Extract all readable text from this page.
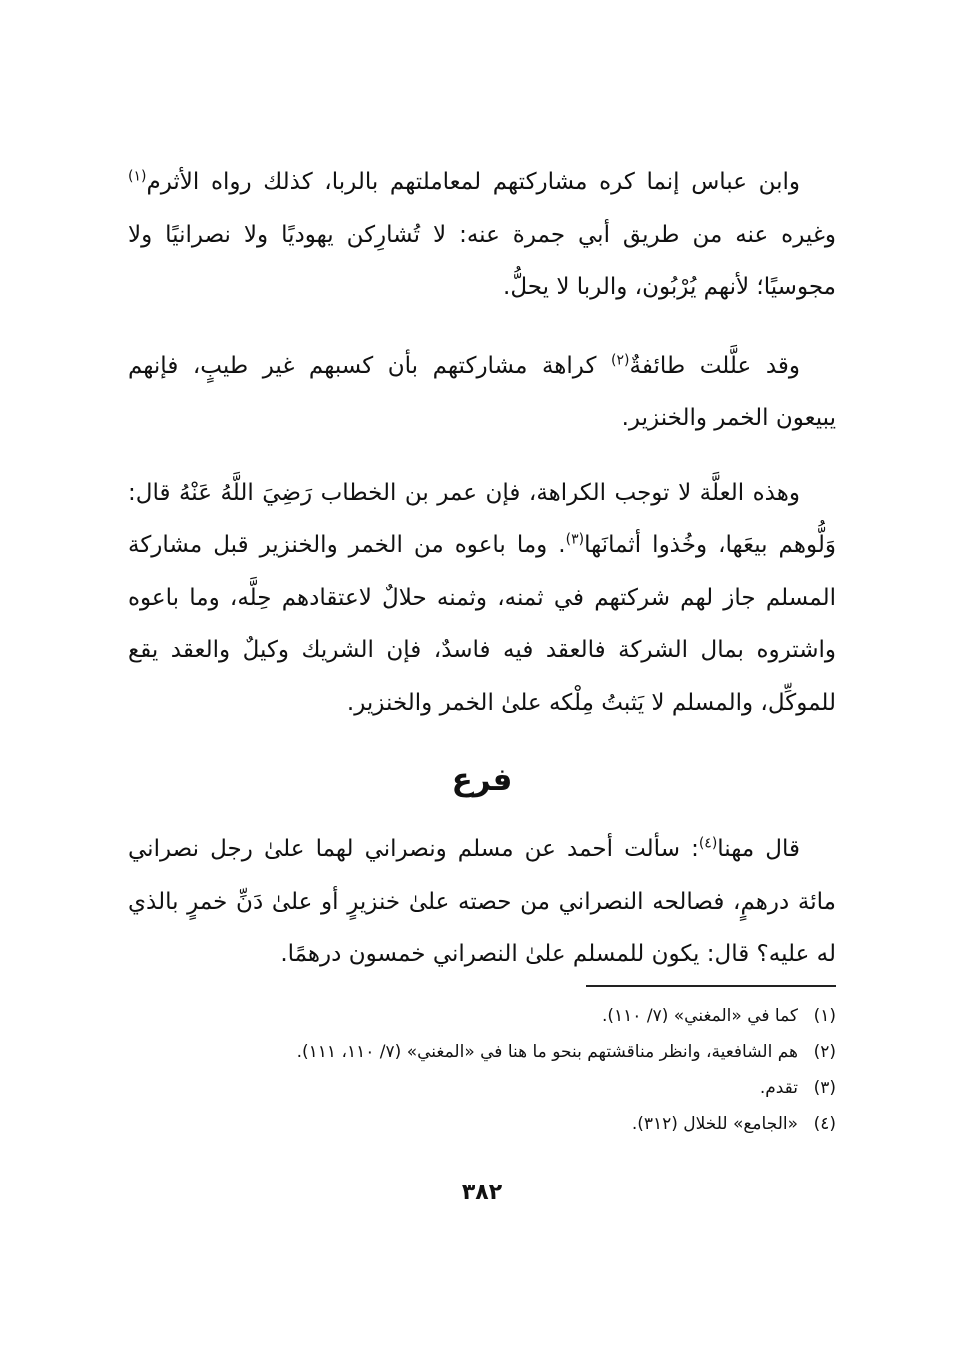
وابن عباس إنما كره مشاركتهم لمعاملتهم بالربا، كذلك رواه الأثرم$^{(١)}$ وغيره عنه من طريق أبي جمرة عنه: لا تُشارِكن يهوديًا ولا نصرانيًا ولا مجوسيًا؛ لأنهم يُرْبُون، والربا لا يحلُّ.

وقد علَّلت طائفةٌ$^{(٢)}$ كراهة مشاركتهم بأن كسبهم غير طيبٍ، فإنهم يبيعون الخمر والخنزير.

وهذه العلَّة لا توجب الكراهة، فإن عمر بن الخطاب رَضِيَ اللَّهُ عَنْهُ قال: وَلُّوهم بيعَها، وخُذوا أثمانَها$^{(٣)}$. وما باعوه من الخمر والخنزير قبل مشاركة المسلم جاز لهم شركتهم في ثمنه، وثمنه حلالٌ لاعتقادهم حِلَّه، وما باعوه واشتروه بمال الشركة فالعقد فيه فاسدٌ، فإن الشريك وكيلٌ والعقد يقع للموكِّل، والمسلم لا يَثبتُ مِلْكه علىٰ الخمر والخنزير.

فرع

قال مهنا$^{(٤)}$: سألت أحمد عن مسلم ونصراني لهما علىٰ رجل نصراني مائة درهمٍ، فصالحه النصراني من حصته علىٰ خنزيرٍ أو علىٰ دَنِّ خمرٍ بالذي له عليه؟ قال: يكون للمسلم علىٰ النصراني خمسون درهمًا.

(١)كما في «المغني» (٧/ ١١٠).
(٢)هم الشافعية، وانظر مناقشتهم بنحو ما هنا في «المغني» (٧/ ١١٠، ١١١).
(٣)تقدم.
(٤)«الجامع» للخلال (٣١٢).
٣٨٢
